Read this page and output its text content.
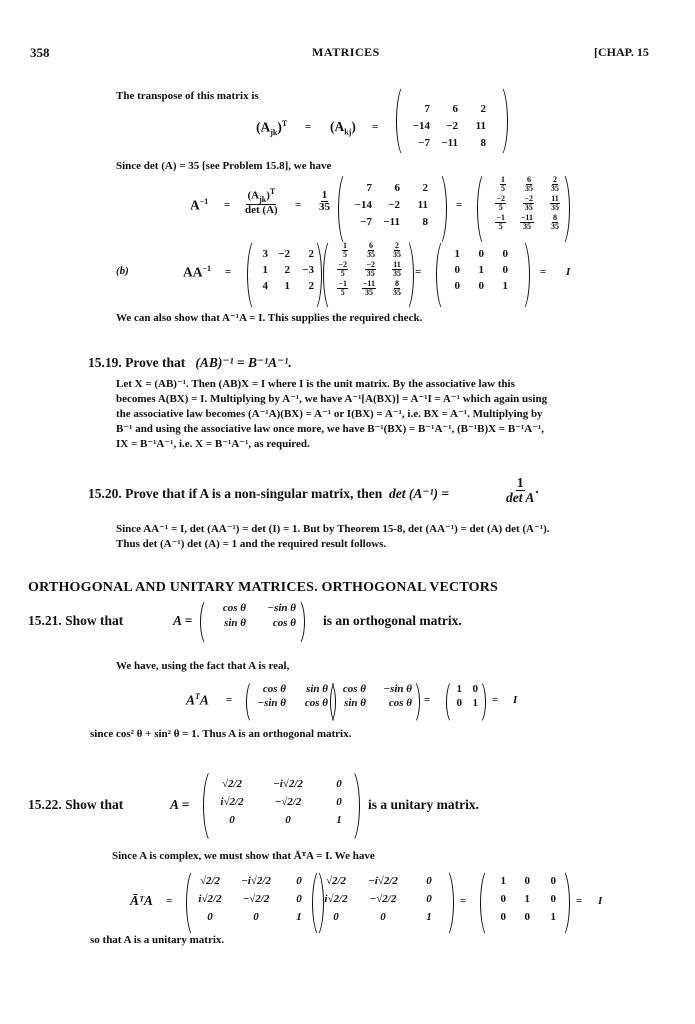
358	MATRICES	[CHAP. 15
The transpose of this matrix is
$(A_{jk})^T = (A_{kj})$ =
7 6 2
−14 −2 11
−7 −11 8
Since det (A) = 35 [see Problem 15.8], we have
$A^{-1} = \frac{(A_{jk})^T}{\det (A)} = \frac{1}{35}$
7 6 2
−14 −2 11
−7 −11 8
=
$\frac{1}{5} \frac{6}{35} \frac{2}{35}$
$\frac{-2}{5} \frac{-2}{35} \frac{11}{35}$
$\frac{-1}{5} \frac{-11}{35} \frac{8}{35}$
(b)	$AA^{-1}$ =
3 −2 2
1 2 −3
4 1 2
$\frac{1}{5} \frac{6}{35} \frac{2}{35}$
$\frac{-2}{5} \frac{-2}{35} \frac{11}{35}$
$\frac{-1}{5} \frac{-11}{35} \frac{8}{35}$
=
1 0 0
0 1 0
0 0 1
= I
We can also show that A⁻¹A = I. This supplies the required check.
15.19. Prove that (AB)⁻¹ = B⁻¹A⁻¹.
Let X = (AB)⁻¹. Then (AB)X = I where I is the unit matrix. By the associative law this
becomes A(BX) = I. Multiplying by A⁻¹, we have A⁻¹[A(BX)] = A⁻¹I = A⁻¹ which again using
the associative law becomes (A⁻¹A)(BX) = A⁻¹ or I(BX) = A⁻¹, i.e. BX = A⁻¹. Multiplying by
B⁻¹ and using the associative law once more, we have B⁻¹(BX) = B⁻¹A⁻¹, (B⁻¹B)X = B⁻¹A⁻¹,
IX = B⁻¹A⁻¹, i.e. X = B⁻¹A⁻¹, as required.
15.20. Prove that if A is a non-singular matrix, then det (A⁻¹) =	$\frac{1}{\text{det A}}$ .
Since AA⁻¹ = I, det (AA⁻¹) = det (I) = 1. But by Theorem 15-8, det (AA⁻¹) = det (A) det (A⁻¹).
Thus det (A⁻¹) det (A) = 1 and the required result follows.
ORTHOGONAL AND UNITARY MATRICES. ORTHOGONAL VECTORS
15.21. Show that	A =
cos θ −sin θ
sin θ cos θ is an orthogonal matrix.
We have, using the fact that A is real,
$A^TA$ =
cos θ sin θ
−sin θ cos θ
cos θ −sin θ
sin θ cos θ =
1 0
0 1 = I
since cos² θ + sin² θ = 1. Thus A is an orthogonal matrix.
15.22. Show that	A =
√2/2	−i√2/2	0
i√2/2	−√2/2	0
0	0	1
is a unitary matrix.
Since A is complex, we must show that ĀᵀA = I. We have
ĀᵀA =
√2/2 −i√2/2 0
i√2/2 −√2/2 0
0	0	1
√2/2 −i√2/2	0
i√2/2 −√2/2	0
0	0	1
=
1 0 0
0 1 0
0 0 1
= I
so that A is a unitary matrix.
